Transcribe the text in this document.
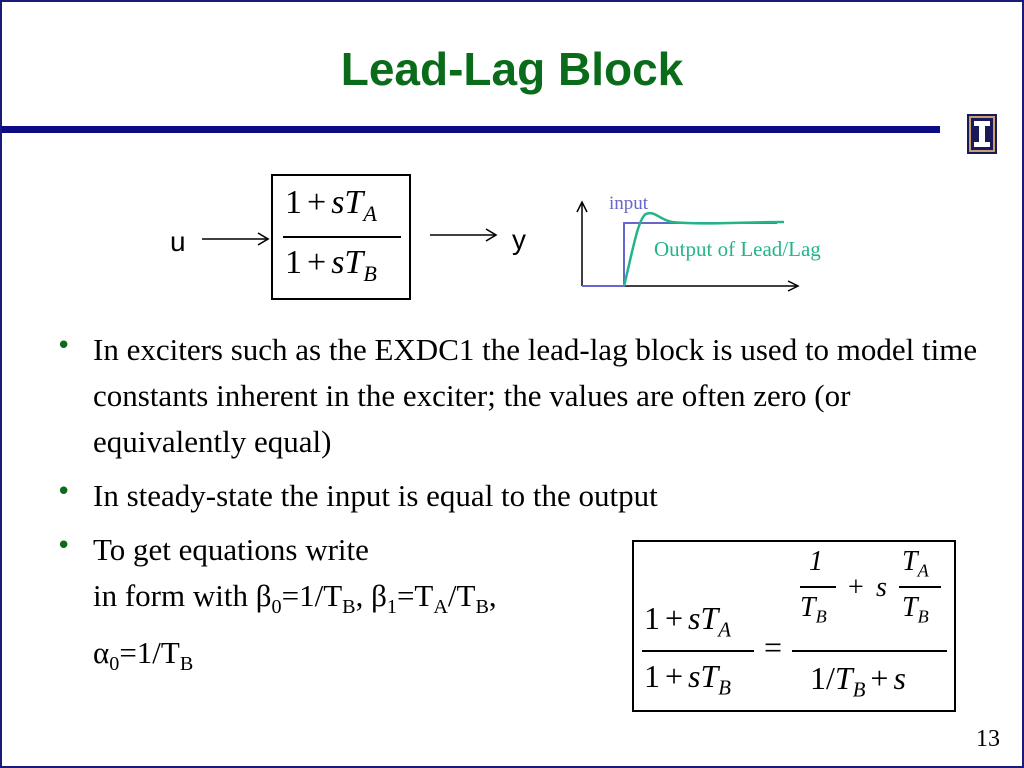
Lead-Lag Block
u
$1 + sT_A$
$1 + sT_B$
y
input
Output of Lead/Lag
• In exciters such as the EXDC1 the lead-lag block is used to model time constants inherent in the exciter; the values are often zero (or equivalently equal)
• In steady-state the input is equal to the output
• To get equations write
in form with $\beta_0=1/T_B$, $\beta_1=T_A/T_B$,
$\alpha_0=1/T_B$
$1 + sT_A$
$1 + sT_B$
=
1
$T_B$
+ s
$T_A$
$T_B$
$1/T_B + s$
13
